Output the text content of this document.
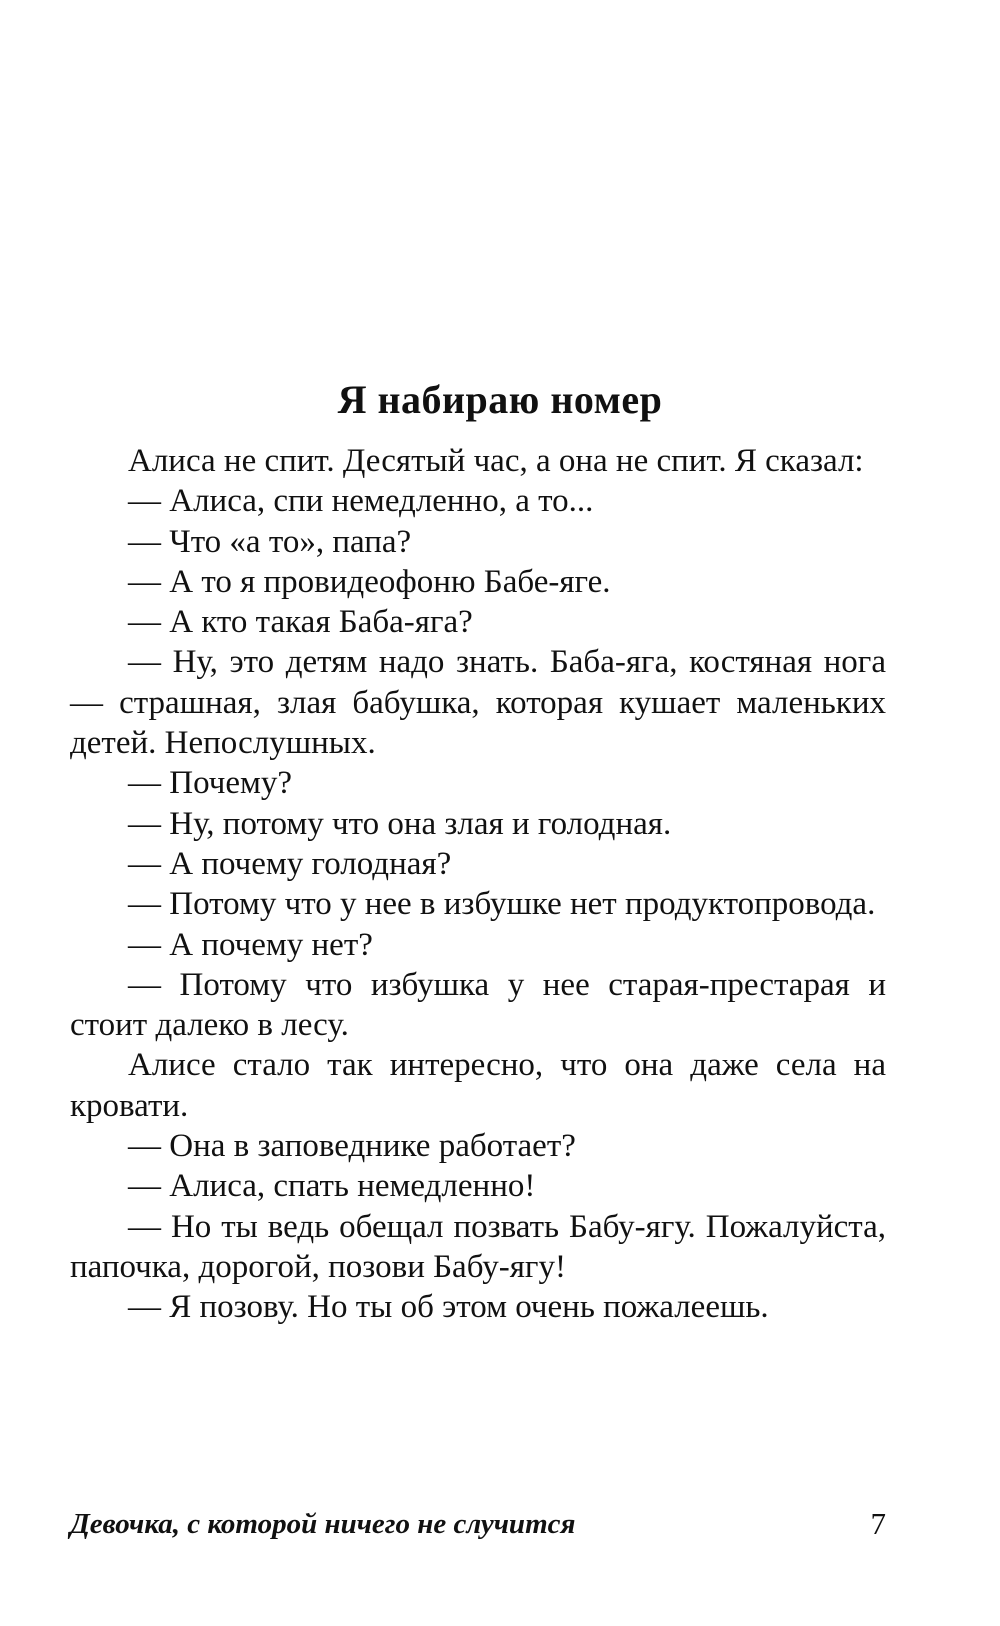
Я набираю номер

Алиса не спит. Десятый час, а она не спит. Я сказал:

— Алиса, спи немедленно, а то...

— Что «а то», папа?

— А то я провидеофоню Бабе-яге.

— А кто такая Баба-яга?

— Ну, это детям надо знать. Баба-яга, костяная нога — страшная, злая бабушка, которая кушает маленьких детей. Непослушных.

— Почему?

— Ну, потому что она злая и голодная.

— А почему голодная?

— Потому что у нее в избушке нет продуктопровода.

— А почему нет?

— Потому что избушка у нее старая-престарая и стоит далеко в лесу.

Алисе стало так интересно, что она даже села на кровати.

— Она в заповеднике работает?

— Алиса, спать немедленно!

— Но ты ведь обещал позвать Бабу-ягу. Пожалуйста, папочка, дорогой, позови Бабу-ягу!

— Я позову. Но ты об этом очень пожалеешь.

Девочка, с которой ничего не случится	7
